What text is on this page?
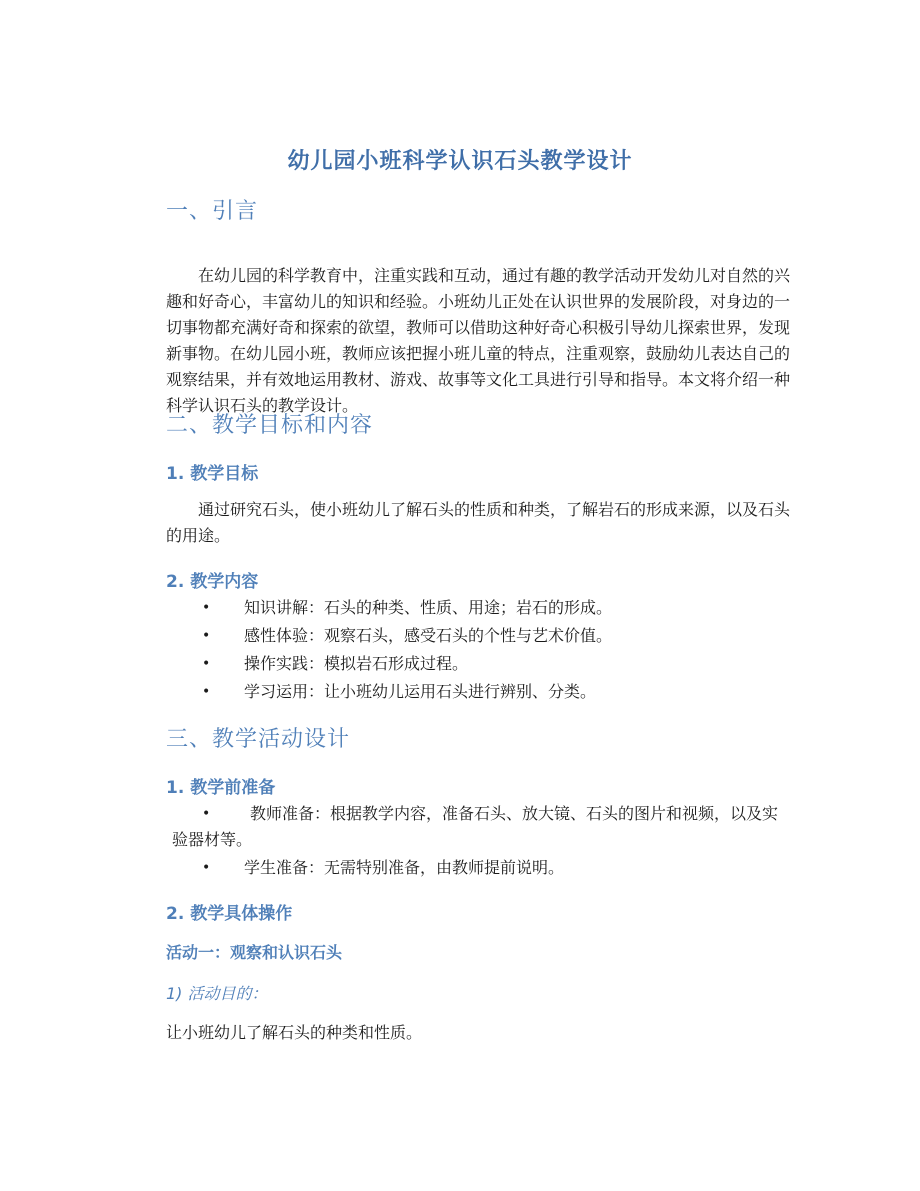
幼儿园小班科学认识石头教学设计
一、引言
在幼儿园的科学教育中，注重实践和互动，通过有趣的教学活动开发幼儿对自然的兴趣和好奇心，丰富幼儿的知识和经验。小班幼儿正处在认识世界的发展阶段，对身边的一切事物都充满好奇和探索的欲望，教师可以借助这种好奇心积极引导幼儿探索世界，发现新事物。在幼儿园小班，教师应该把握小班儿童的特点，注重观察，鼓励幼儿表达自己的观察结果，并有效地运用教材、游戏、故事等文化工具进行引导和指导。本文将介绍一种科学认识石头的教学设计。
二、教学目标和内容
1. 教学目标
通过研究石头，使小班幼儿了解石头的性质和种类，了解岩石的形成来源，以及石头的用途。
2. 教学内容
•	知识讲解：石头的种类、性质、用途；岩石的形成。
•	感性体验：观察石头，感受石头的个性与艺术价值。
•	操作实践：模拟岩石形成过程。
•	学习运用：让小班幼儿运用石头进行辨别、分类。
三、教学活动设计
1. 教学前准备
•	教师准备：根据教学内容，准备石头、放大镜、石头的图片和视频，以及实验器材等。
•	学生准备：无需特别准备，由教师提前说明。
2. 教学具体操作
活动一：观察和认识石头
1) 活动目的：
让小班幼儿了解石头的种类和性质。
